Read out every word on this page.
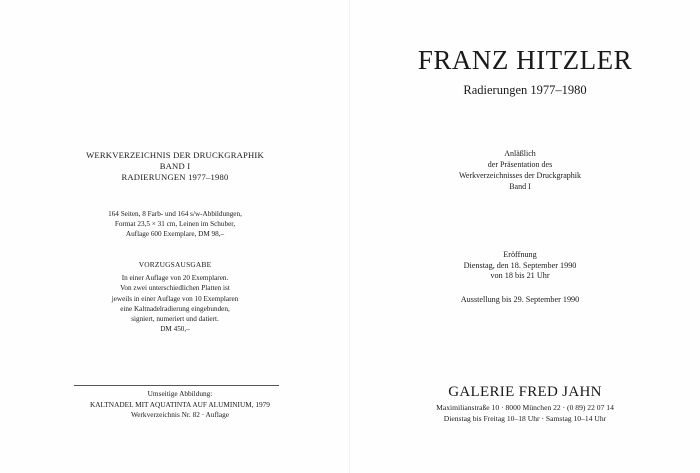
WERKVERZEICHNIS DER DRUCKGRAPHIK
BAND I
RADIERUNGEN 1977–1980
164 Seiten, 8 Farb- und 164 s/w-Abbildungen,
Format 23,5 × 31 cm, Leinen im Schuber,
Auflage 600 Exemplare, DM 98,–
VORZUGSAUSGABE
In einer Auflage von 20 Exemplaren.
Von zwei unterschiedlichen Platten ist
jeweils in einer Auflage von 10 Exemplaren
eine Kaltnadelradierung eingebunden,
signiert, numeriert und datiert.
DM 450,–
Umseitige Abbildung:
KALTNADEL MIT AQUATINTA AUF ALUMINIUM, 1979
Werkverzeichnis Nr. 82 · Auflage
FRANZ HITZLER
Radierungen 1977–1980
Anläßlich
der Präsentation des
Werkverzeichnisses der Druckgraphik
Band I
Eröffnung
Dienstag, den 18. September 1990
von 18 bis 21 Uhr
Ausstellung bis 29. September 1990
GALERIE FRED JAHN
Maximilianstraße 10 · 8000 München 22 · (0 89) 22 07 14
Dienstag bis Freitag 10–18 Uhr · Samstag 10–14 Uhr
